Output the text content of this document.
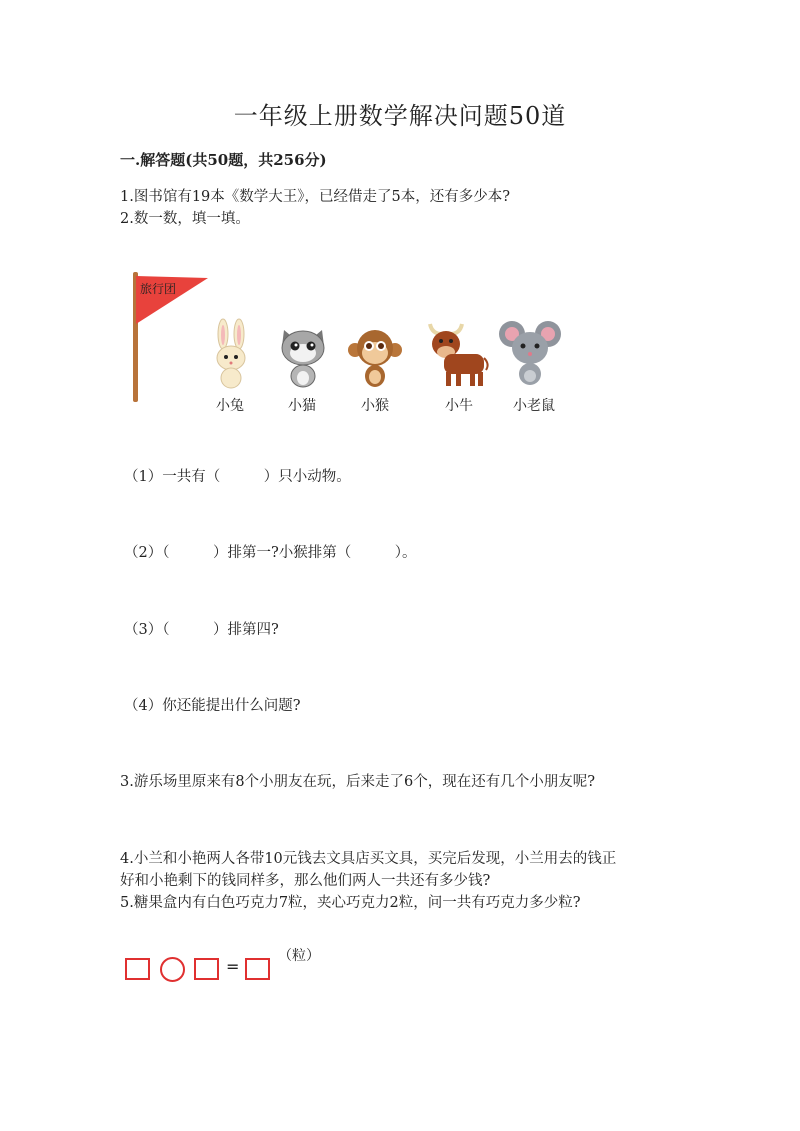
一年级上册数学解决问题50道
一.解答题(共50题，共256分)
1.图书馆有19本《数学大王》，已经借走了5本，还有多少本?
2.数一数，填一填。
旅行团
小兔	小猫	小猴	小牛	小老鼠
（1）一共有（　　　）只小动物。
（2）（　　　）排第一?小猴排第（　　　）。
（3）（　　　）排第四?
（4）你还能提出什么问题?
3.游乐场里原来有8个小朋友在玩，后来走了6个，现在还有几个小朋友呢?
4.小兰和小艳两人各带10元钱去文具店买文具，买完后发现，小兰用去的钱正
好和小艳剩下的钱同样多，那么他们两人一共还有多少钱?
5.糖果盒内有白色巧克力7粒，夹心巧克力2粒，问一共有巧克力多少粒?
=
（粒）
